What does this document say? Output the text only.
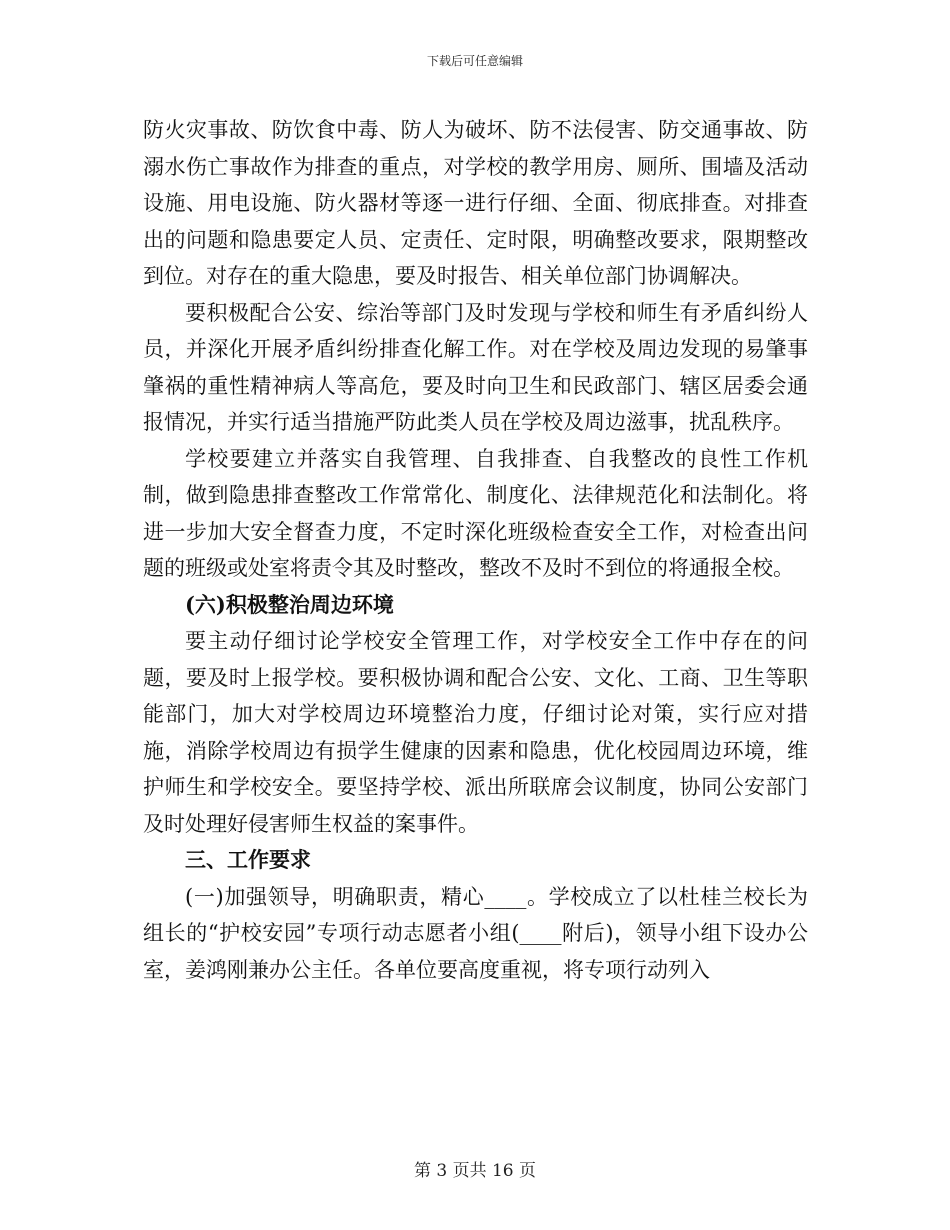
下载后可任意编辑

防火灾事故、防饮食中毒、防人为破坏、防不法侵害、防交通事故、防溺水伤亡事故作为排查的重点，对学校的教学用房、厕所、围墙及活动设施、用电设施、防火器材等逐一进行仔细、全面、彻底排查。对排查出的问题和隐患要定人员、定责任、定时限，明确整改要求，限期整改到位。对存在的重大隐患，要及时报告、相关单位部门协调解决。

要积极配合公安、综治等部门及时发现与学校和师生有矛盾纠纷人员，并深化开展矛盾纠纷排查化解工作。对在学校及周边发现的易肇事肇祸的重性精神病人等高危，要及时向卫生和民政部门、辖区居委会通报情况，并实行适当措施严防此类人员在学校及周边滋事，扰乱秩序。

学校要建立并落实自我管理、自我排查、自我整改的良性工作机制，做到隐患排查整改工作常常化、制度化、法律规范化和法制化。将进一步加大安全督查力度，不定时深化班级检查安全工作，对检查出问题的班级或处室将责令其及时整改，整改不及时不到位的将通报全校。

(六)积极整治周边环境

要主动仔细讨论学校安全管理工作，对学校安全工作中存在的问题，要及时上报学校。要积极协调和配合公安、文化、工商、卫生等职能部门，加大对学校周边环境整治力度，仔细讨论对策，实行应对措施，消除学校周边有损学生健康的因素和隐患，优化校园周边环境，维护师生和学校安全。要坚持学校、派出所联席会议制度，协同公安部门及时处理好侵害师生权益的案事件。

三、工作要求

(一)加强领导，明确职责，精心____。学校成立了以杜桂兰校长为组长的“护校安园”专项行动志愿者小组(____附后)，领导小组下设办公室，姜鸿刚兼办公主任。各单位要高度重视，将专项行动列入

第 3 页共 16 页
